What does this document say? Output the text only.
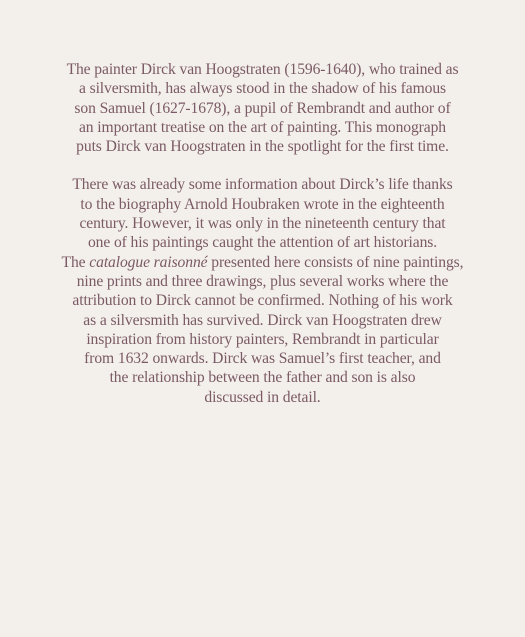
The painter Dirck van Hoogstraten (1596-1640), who trained as
a silversmith, has always stood in the shadow of his famous
son Samuel (1627-1678), a pupil of Rembrandt and author of
an important treatise on the art of painting. This monograph
puts Dirck van Hoogstraten in the spotlight for the first time.

There was already some information about Dirck’s life thanks
to the biography Arnold Houbraken wrote in the eighteenth
century. However, it was only in the nineteenth century that
one of his paintings caught the attention of art historians.
The catalogue raisonné presented here consists of nine paintings,
nine prints and three drawings, plus several works where the
attribution to Dirck cannot be confirmed. Nothing of his work
as a silversmith has survived. Dirck van Hoogstraten drew
inspiration from history painters, Rembrandt in particular
from 1632 onwards. Dirck was Samuel’s first teacher, and
the relationship between the father and son is also
discussed in detail.
